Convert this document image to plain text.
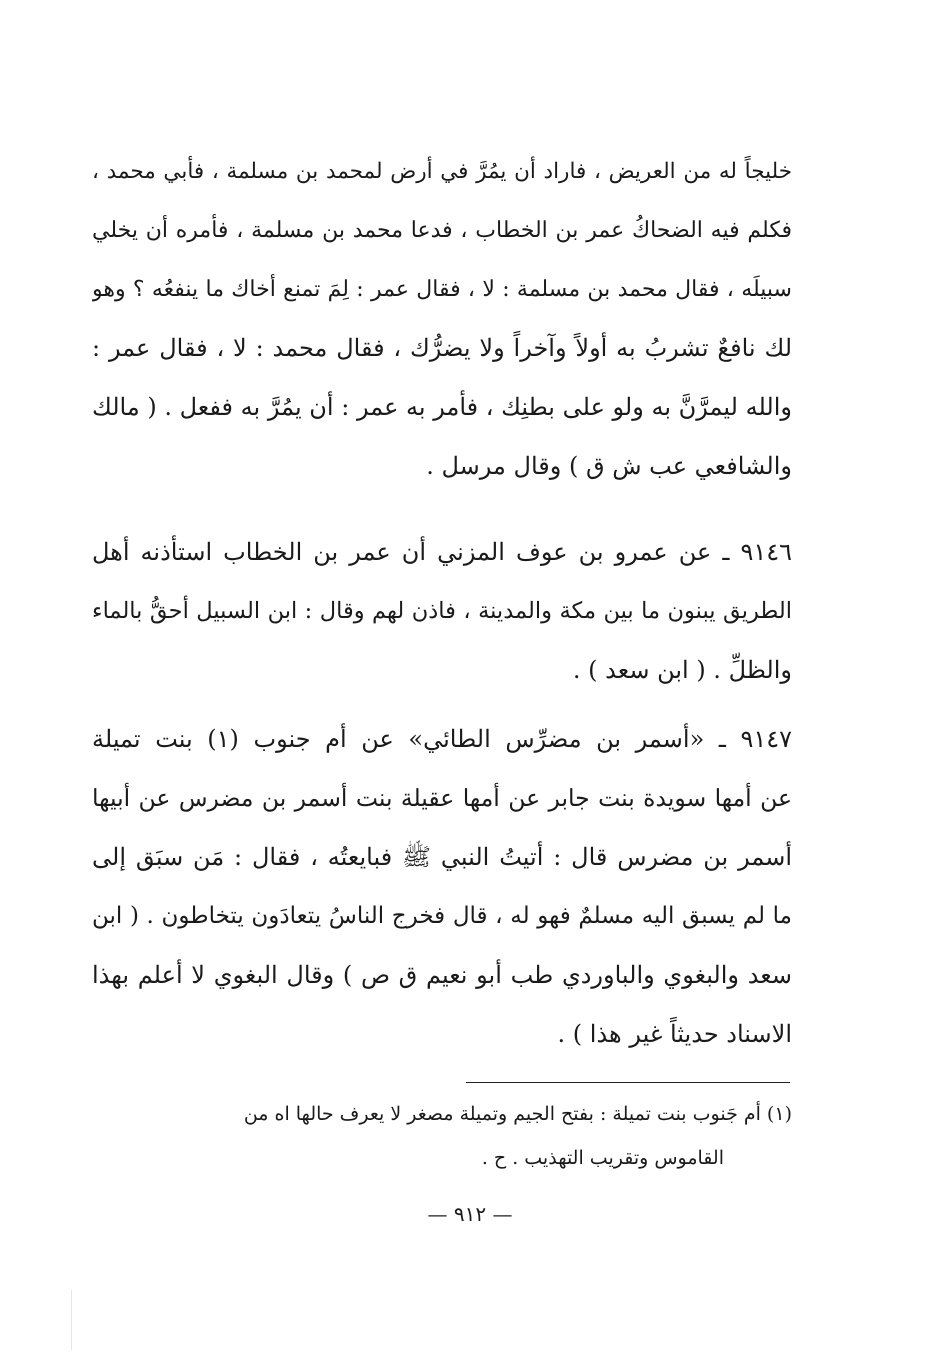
خليجاً له من العريض ، فاراد أن يمُرَّ في أرض لمحمد بن مسلمة ، فأبي محمد ،
فكلم فيه الضحاكُ عمر بن الخطاب ، فدعا محمد بن مسلمة ، فأمره أن يخلي
سبيلَه ، فقال محمد بن مسلمة : لا ، فقال عمر : لِمَ تمنع أخاك ما ينفعُه ؟ وهو
لك نافعٌ تشربُ به أولاً وآخراً ولا يضرُّك ، فقال محمد : لا ، فقال عمر :
والله ليمرَّنَّ به ولو على بطنِك ، فأمر به عمر : أن يمُرَّ به ففعل . ( مالك
والشافعي عب ش ق ) وقال مرسل .
٩١٤٦ ـ عن عمرو بن عوف المزني أن عمر بن الخطاب استأذنه أهل
الطريق يبنون ما بين مكة والمدينة ، فاذن لهم وقال : ابن السبيل أحقُّ بالماء
والظلِّ . ( ابن سعد ) .
٩١٤٧ ـ «أسمر بن مضرِّس الطائي» عن أم جنوب (١) بنت تميلة
عن أمها سويدة بنت جابر عن أمها عقيلة بنت أسمر بن مضرس عن أبيها
أسمر بن مضرس قال : أتيتُ النبي ﷺ فبايعتُه ، فقال : مَن سبَق إلى
ما لم يسبق اليه مسلمٌ فهو له ، قال فخرج الناسُ يتعادَون يتخاطون . ( ابن
سعد والبغوي والباوردي طب أبو نعيم ق ص ) وقال البغوي لا أعلم بهذا
الاسناد حديثاً غير هذا ) .
(١) أم جَنوب بنت تميلة : بفتح الجيم وتميلة مصغر لا يعرف حالها اه من
القاموس وتقريب التهذيب . ح .
— ٩١٢ —
